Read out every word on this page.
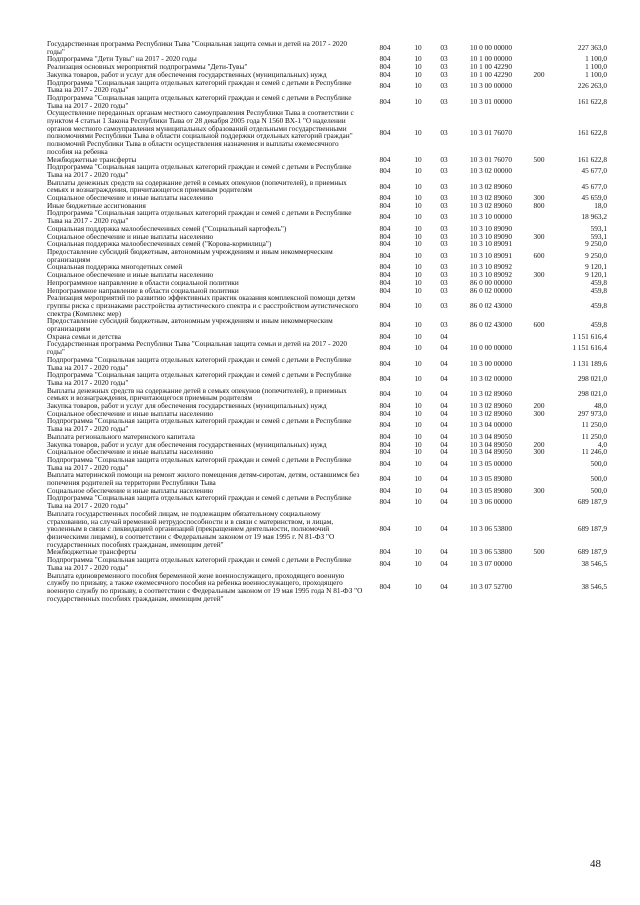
Государственная программа Республики Тыва "Социальная защита семьи и детей на 2017 - 2020 годы"	804	10	03	10 0 00 00000		227 363,0
Подпрограмма "Дети Тувы" на 2017 - 2020 годы	804	10	03	10 1 00 00000		1 100,0
Реализация основных мероприятий подпрограммы "Дети-Тувы"	804	10	03	10 1 00 42290		1 100,0
Закупка товаров, работ и услуг для обеспечения государственных (муниципальных) нужд	804	10	03	10 1 00 42290	200	1 100,0
Подпрограмма "Социальная защита отдельных категорий граждан и семей с детьми в Республике Тыва на 2017 - 2020 годы"	804	10	03	10 3 00 00000		226 263,0
Подпрограмма "Социальная защита отдельных категорий граждан и семей с детьми в Республике Тыва на 2017 - 2020 годы"	804	10	03	10 3 01 00000		161 622,8
Осуществление переданных органам местного самоуправления Республики Тыва в соответствии с пунктом 4 статьи 1 Закона Республики Тыва от 28 декабря 2005 года N 1560 ВХ-1 "О наделении органов местного самоуправления муниципальных образований отдельными государственными полномочиями Республики Тыва в области социальной поддержки отдельных категорий граждан" полномочий Республики Тыва в области осуществления назначения и выплаты ежемесячного пособия на ребенка	804	10	03	10 3 01 76070		161 622,8
Межбюджетные трансферты	804	10	03	10 3 01 76070	500	161 622,8
Подпрограмма "Социальная защита отдельных категорий граждан и семей с детьми в Республике Тыва на 2017 - 2020 годы"	804	10	03	10 3 02 00000		45 677,0
Выплаты денежных средств на содержание детей в семьях опекунов (попечителей), в приемных семьях и вознаграждения, причитающегося приемным родителям	804	10	03	10 3 02 89060		45 677,0
Социальное обеспечение и иные выплаты населению	804	10	03	10 3 02 89060	300	45 659,0
Иные бюджетные ассигнования	804	10	03	10 3 02 89060	800	18,0
Подпрограмма "Социальная защита отдельных категорий граждан и семей с детьми в Республике Тыва на 2017 - 2020 годы"	804	10	03	10 3 10 00000		18 963,2
Социальная поддержка малообеспеченных семей ("Социальный картофель")	804	10	03	10 3 10 89090		593,1
Социальное обеспечение и иные выплаты населению	804	10	03	10 3 10 89090	300	593,1
Социальная поддержка малообеспеченных семей ("Корова-кормилица")	804	10	03	10 3 10 89091		9 250,0
Предоставление субсидий бюджетным, автономным учреждениям и иным некоммерческим организациям	804	10	03	10 3 10 89091	600	9 250,0
Социальная поддержка многодетных семей	804	10	03	10 3 10 89092		9 120,1
Социальное обеспечение и иные выплаты населению	804	10	03	10 3 10 89092	300	9 120,1
Непрограммное направление в области социальной политики	804	10	03	86 0 00 00000		459,8
Непрограммное направление в области социальной политики	804	10	03	86 0 02 00000		459,8
Реализация мероприятий по развитию эффективных практик оказания комплексной помощи детям группы риска с признаками расстройства аутистического спектра и с расстройством аутистического спектра (Комплекс мер)	804	10	03	86 0 02 43000		459,8
Предоставление субсидий бюджетным, автономным учреждениям и иным некоммерческим организациям	804	10	03	86 0 02 43000	600	459,8
Охрана семьи и детства	804	10	04			1 151 616,4
Государственная программа Республики Тыва "Социальная защита семьи и детей на 2017 - 2020 годы"	804	10	04	10 0 00 00000		1 151 616,4
Подпрограмма "Социальная защита отдельных категорий граждан и семей с детьми в Республике Тыва на 2017 - 2020 годы"	804	10	04	10 3 00 00000		1 131 189,6
Подпрограмма "Социальная защита отдельных категорий граждан и семей с детьми в Республике Тыва на 2017 - 2020 годы"	804	10	04	10 3 02 00000		298 021,0
Выплаты денежных средств на содержание детей в семьях опекунов (попечителей), в приемных семьях и вознаграждения, причитающегося приемным родителям	804	10	04	10 3 02 89060		298 021,0
Закупка товаров, работ и услуг для обеспечения государственных (муниципальных) нужд	804	10	04	10 3 02 89060	200	48,0
Социальное обеспечение и иные выплаты населению	804	10	04	10 3 02 89060	300	297 973,0
Подпрограмма "Социальная защита отдельных категорий граждан и семей с детьми в Республике Тыва на 2017 - 2020 годы"	804	10	04	10 3 04 00000		11 250,0
Выплата регионального материнского капитала	804	10	04	10 3 04 89050		11 250,0
Закупка товаров, работ и услуг для обеспечения государственных (муниципальных) нужд	804	10	04	10 3 04 89050	200	4,0
Социальное обеспечение и иные выплаты населению	804	10	04	10 3 04 89050	300	11 246,0
Подпрограмма "Социальная защита отдельных категорий граждан и семей с детьми в Республике Тыва на 2017 - 2020 годы"	804	10	04	10 3 05 00000		500,0
Выплата материнской помощи на ремонт жилого помещения детям-сиротам, детям, оставшимся без попечения родителей на территории Республики Тыва	804	10	04	10 3 05 89080		500,0
Социальное обеспечение и иные выплаты населению	804	10	04	10 3 05 89080	300	500,0
Подпрограмма "Социальная защита отдельных категорий граждан и семей с детьми в Республике Тыва на 2017 - 2020 годы"	804	10	04	10 3 06 00000		689 187,9
Выплата государственных пособий лицам, не подлежащим обязательному социальному страхованию, на случай временной нетрудоспособности и в связи с материнством, и лицам, уволенным в связи с ликвидацией организаций (прекращением деятельности, полномочий физическими лицами), в соответствии с Федеральным законом от 19 мая 1995 г. N 81-ФЗ "О государственных пособиях гражданам, имеющим детей"	804	10	04	10 3 06 53800		689 187,9
Межбюджетные трансферты	804	10	04	10 3 06 53800	500	689 187,9
Подпрограмма "Социальная защита отдельных категорий граждан и семей с детьми в Республике Тыва на 2017 - 2020 годы"	804	10	04	10 3 07 00000		38 546,5
Выплата единовременного пособия беременной жене военнослужащего, проходящего военную службу по призыву, а также ежемесячного пособия на ребенка военнослужащего, проходящего военную службу по призыву, в соответствии с Федеральным законом от 19 мая 1995 года N 81-ФЗ "О государственных пособиях гражданам, имеющим детей"	804	10	04	10 3 07 52700		38 546,5
48
